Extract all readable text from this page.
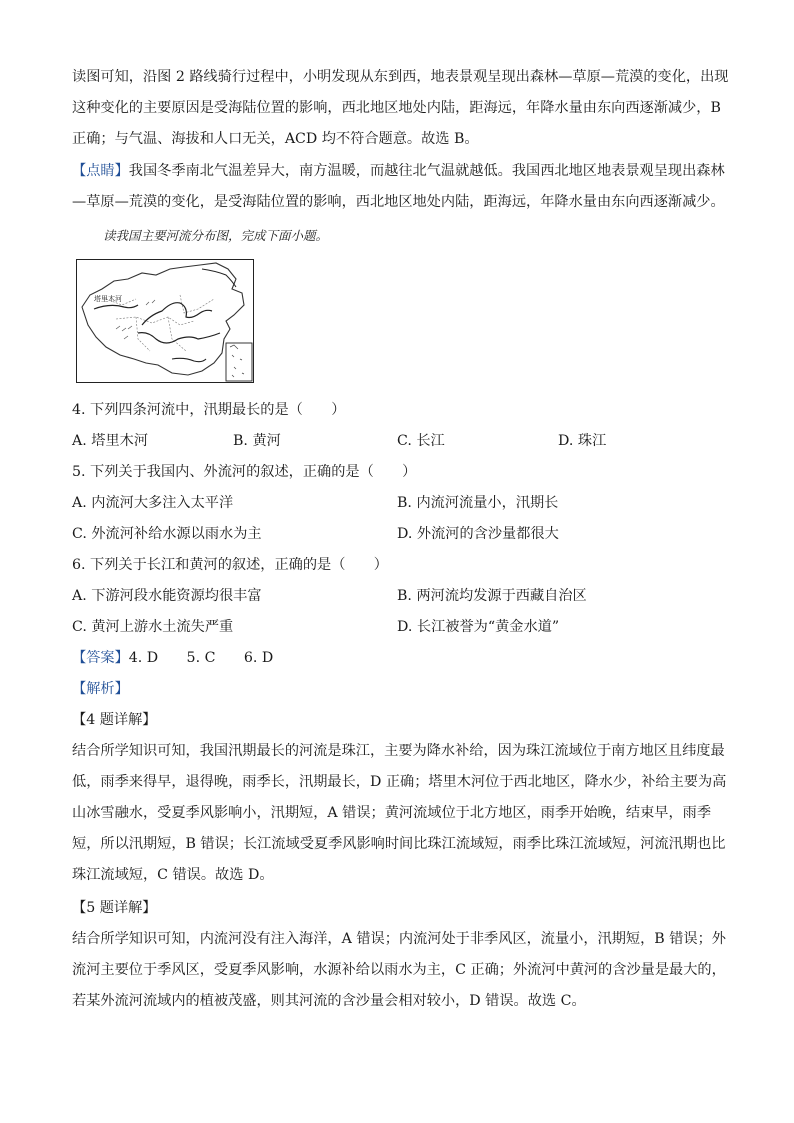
读图可知，沿图 2 路线骑行过程中，小明发现从东到西，地表景观呈现出森林—草原—荒漠的变化，出现
这种变化的主要原因是受海陆位置的影响，西北地区地处内陆，距海远，年降水量由东向西逐渐减少，B
正确；与气温、海拔和人口无关，ACD 均不符合题意。故选 B。
【点睛】我国冬季南北气温差异大，南方温暖，而越往北气温就越低。我国西北地区地表景观呈现出森林
—草原—荒漠的变化，是受海陆位置的影响，西北地区地处内陆，距海远，年降水量由东向西逐渐减少。
读我国主要河流分布图，完成下面小题。
塔里木河
4. 下列四条河流中，汛期最长的是（　　）
A. 塔里木河	B. 黄河	C. 长江	D. 珠江
5. 下列关于我国内、外流河的叙述，正确的是（　　）
A. 内流河大多注入太平洋	B. 内流河流量小，汛期长
C. 外流河补给水源以雨水为主	D. 外流河的含沙量都很大
6. 下列关于长江和黄河的叙述，正确的是（　　）
A. 下游河段水能资源均很丰富	B. 两河流均发源于西藏自治区
C. 黄河上游水土流失严重	D. 长江被誉为“黄金水道”
【答案】4. D　　5. C　　6. D
【解析】
【4 题详解】
结合所学知识可知，我国汛期最长的河流是珠江，主要为降水补给，因为珠江流域位于南方地区且纬度最
低，雨季来得早，退得晚，雨季长，汛期最长，D 正确；塔里木河位于西北地区，降水少，补给主要为高
山冰雪融水，受夏季风影响小，汛期短，A 错误；黄河流域位于北方地区，雨季开始晚，结束早，雨季
短，所以汛期短，B 错误；长江流域受夏季风影响时间比珠江流域短，雨季比珠江流域短，河流汛期也比
珠江流域短，C 错误。故选 D。
【5 题详解】
结合所学知识可知，内流河没有注入海洋，A 错误；内流河处于非季风区，流量小，汛期短，B 错误；外
流河主要位于季风区，受夏季风影响，水源补给以雨水为主，C 正确；外流河中黄河的含沙量是最大的，
若某外流河流域内的植被茂盛，则其河流的含沙量会相对较小，D 错误。故选 C。
